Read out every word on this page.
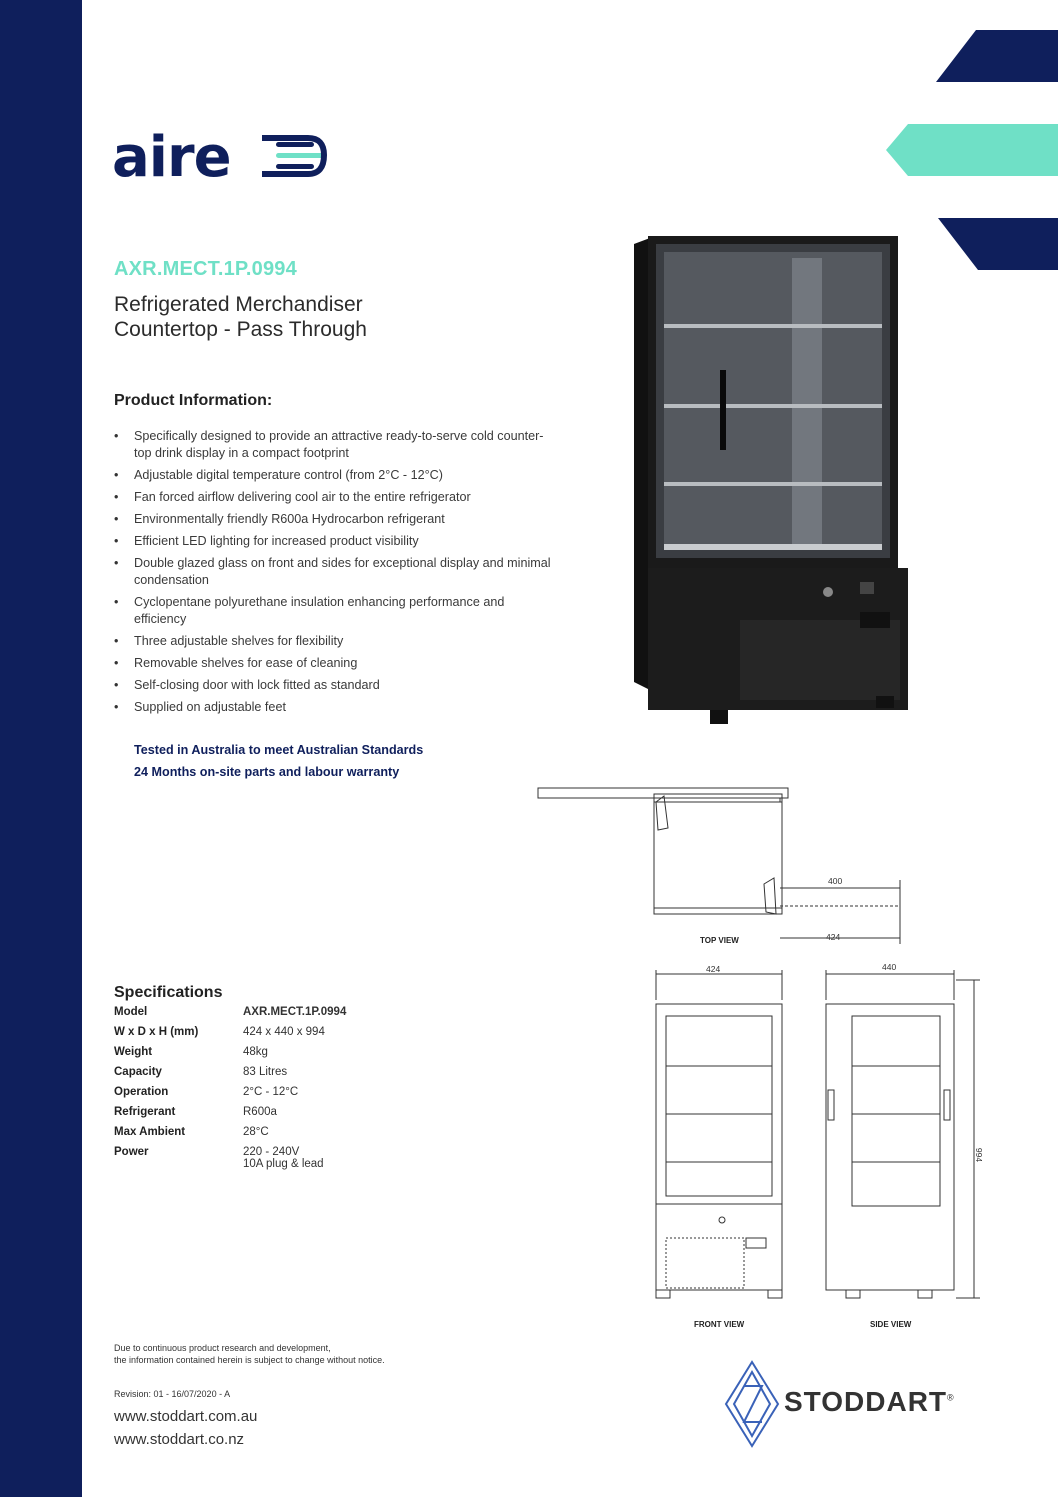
aire
AXR.MECT.1P.0994
Refrigerated Merchandiser
Countertop - Pass Through
Product Information:
• Specifically designed to provide an attractive ready-to-serve cold counter-top drink display in a compact footprint
• Adjustable digital temperature control (from 2°C - 12°C)
• Fan forced airflow delivering cool air to the entire refrigerator
• Environmentally friendly R600a Hydrocarbon refrigerant
• Efficient LED lighting for increased product visibility
• Double glazed glass on front and sides for exceptional display and minimal condensation
• Cyclopentane polyurethane insulation enhancing performance and efficiency
• Three adjustable shelves for flexibility
• Removable shelves for ease of cleaning
• Self-closing door with lock fitted as standard
• Supplied on adjustable feet
Tested in Australia to meet Australian Standards
24 Months on-site parts and labour warranty
400
424
TOP VIEW
424	440
994
FRONT VIEW	SIDE VIEW
Specifications
Model	AXR.MECT.1P.0994
W x D x H (mm)	424 x 440 x 994
Weight	48kg
Capacity	83 Litres
Operation	2°C - 12°C
Refrigerant	R600a
Max Ambient	28°C
Power	220 - 240V
10A plug & lead
Due to continuous product research and development,
the information contained herein is subject to change without notice.
Revision: 01 - 16/07/2020 - A
www.stoddart.com.au
www.stoddart.co.nz
STODDART®
